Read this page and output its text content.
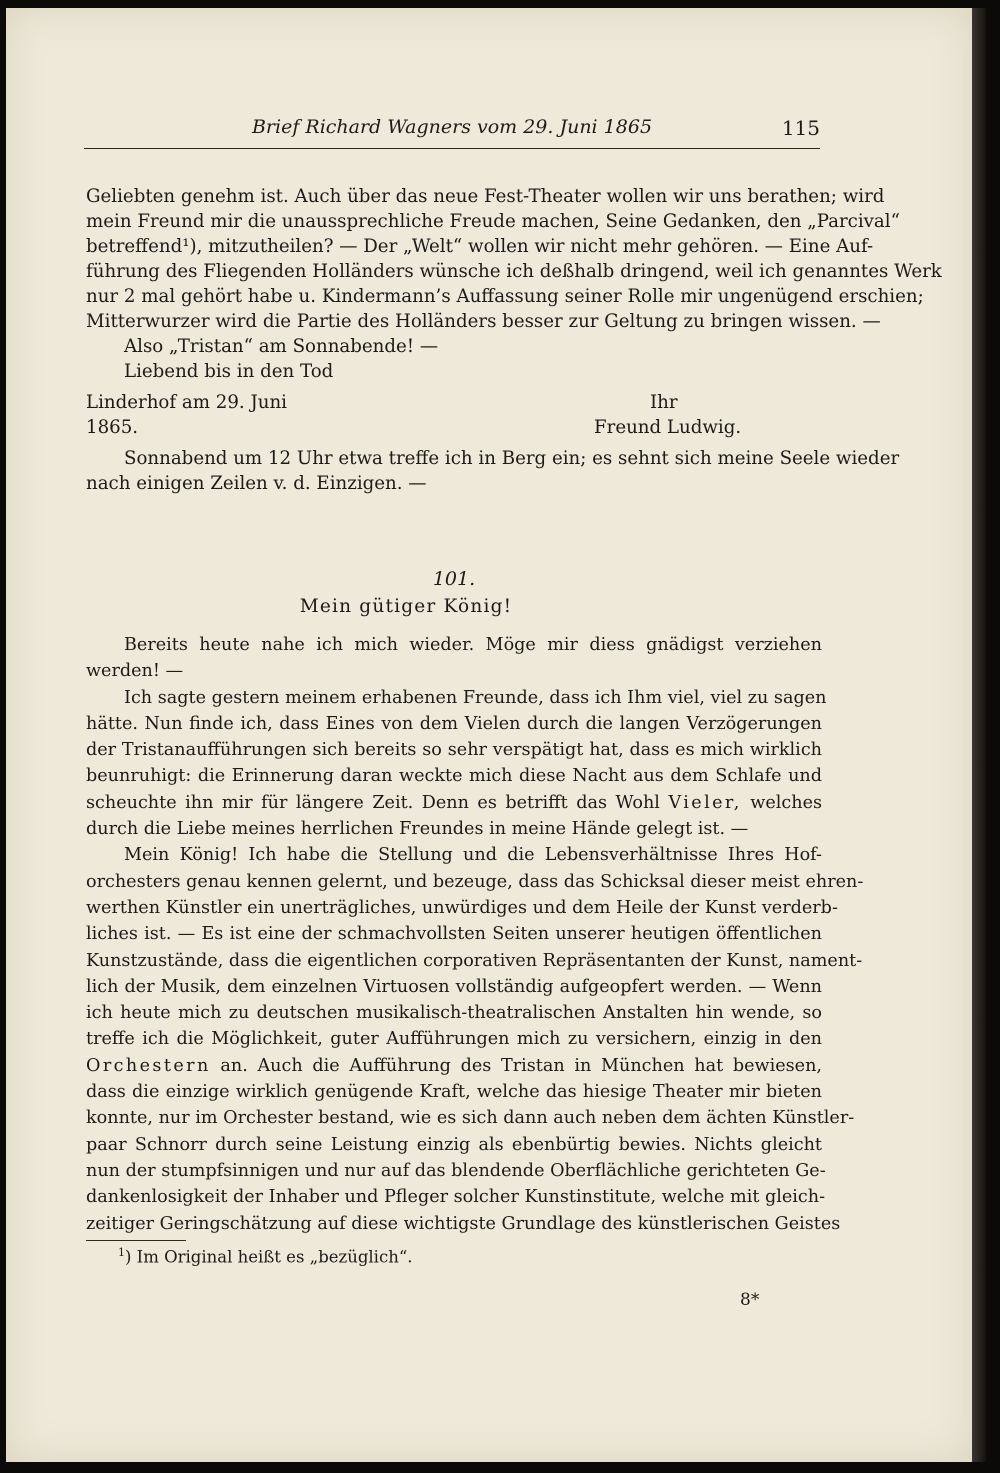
Brief Richard Wagners vom 29. Juni 1865	115
Geliebten genehm ist. Auch über das neue Fest-Theater wollen wir uns berathen; wird
mein Freund mir die unaussprechliche Freude machen, Seine Gedanken, den „Parcival“
betreffend¹), mitzutheilen? — Der „Welt“ wollen wir nicht mehr gehören. — Eine Auf-
führung des Fliegenden Holländers wünsche ich deßhalb dringend, weil ich genanntes Werk
nur 2 mal gehört habe u. Kindermann’s Auffassung seiner Rolle mir ungenügend erschien;
Mitterwurzer wird die Partie des Holländers besser zur Geltung zu bringen wissen. —
Also „Tristan“ am Sonnabende! —
Liebend bis in den Tod
Linderhof am 29. Juni	Ihr
1865.	Freund Ludwig.
Sonnabend um 12 Uhr etwa treffe ich in Berg ein; es sehnt sich meine Seele wieder
nach einigen Zeilen v. d. Einzigen. —
101.
Mein gütiger König!
Bereits heute nahe ich mich wieder. Möge mir diess gnädigst verziehen
werden! —
Ich sagte gestern meinem erhabenen Freunde, dass ich Ihm viel, viel zu sagen
hätte. Nun finde ich, dass Eines von dem Vielen durch die langen Verzögerungen
der Tristanaufführungen sich bereits so sehr verspätigt hat, dass es mich wirklich
beunruhigt: die Erinnerung daran weckte mich diese Nacht aus dem Schlafe und
scheuchte ihn mir für längere Zeit. Denn es betrifft das Wohl Vieler, welches
durch die Liebe meines herrlichen Freundes in meine Hände gelegt ist. —
Mein König! Ich habe die Stellung und die Lebensverhältnisse Ihres Hof-
orchesters genau kennen gelernt, und bezeuge, dass das Schicksal dieser meist ehren-
werthen Künstler ein unerträgliches, unwürdiges und dem Heile der Kunst verderb-
liches ist. — Es ist eine der schmachvollsten Seiten unserer heutigen öffentlichen
Kunstzustände, dass die eigentlichen corporativen Repräsentanten der Kunst, nament-
lich der Musik, dem einzelnen Virtuosen vollständig aufgeopfert werden. — Wenn
ich heute mich zu deutschen musikalisch-theatralischen Anstalten hin wende, so
treffe ich die Möglichkeit, guter Aufführungen mich zu versichern, einzig in den
Orchestern an. Auch die Aufführung des Tristan in München hat bewiesen,
dass die einzige wirklich genügende Kraft, welche das hiesige Theater mir bieten
konnte, nur im Orchester bestand, wie es sich dann auch neben dem ächten Künstler-
paar Schnorr durch seine Leistung einzig als ebenbürtig bewies. Nichts gleicht
nun der stumpfsinnigen und nur auf das blendende Oberflächliche gerichteten Ge-
dankenlosigkeit der Inhaber und Pfleger solcher Kunstinstitute, welche mit gleich-
zeitiger Geringschätzung auf diese wichtigste Grundlage des künstlerischen Geistes
$^1$) Im Original heißt es „bezüglich“.
8*
